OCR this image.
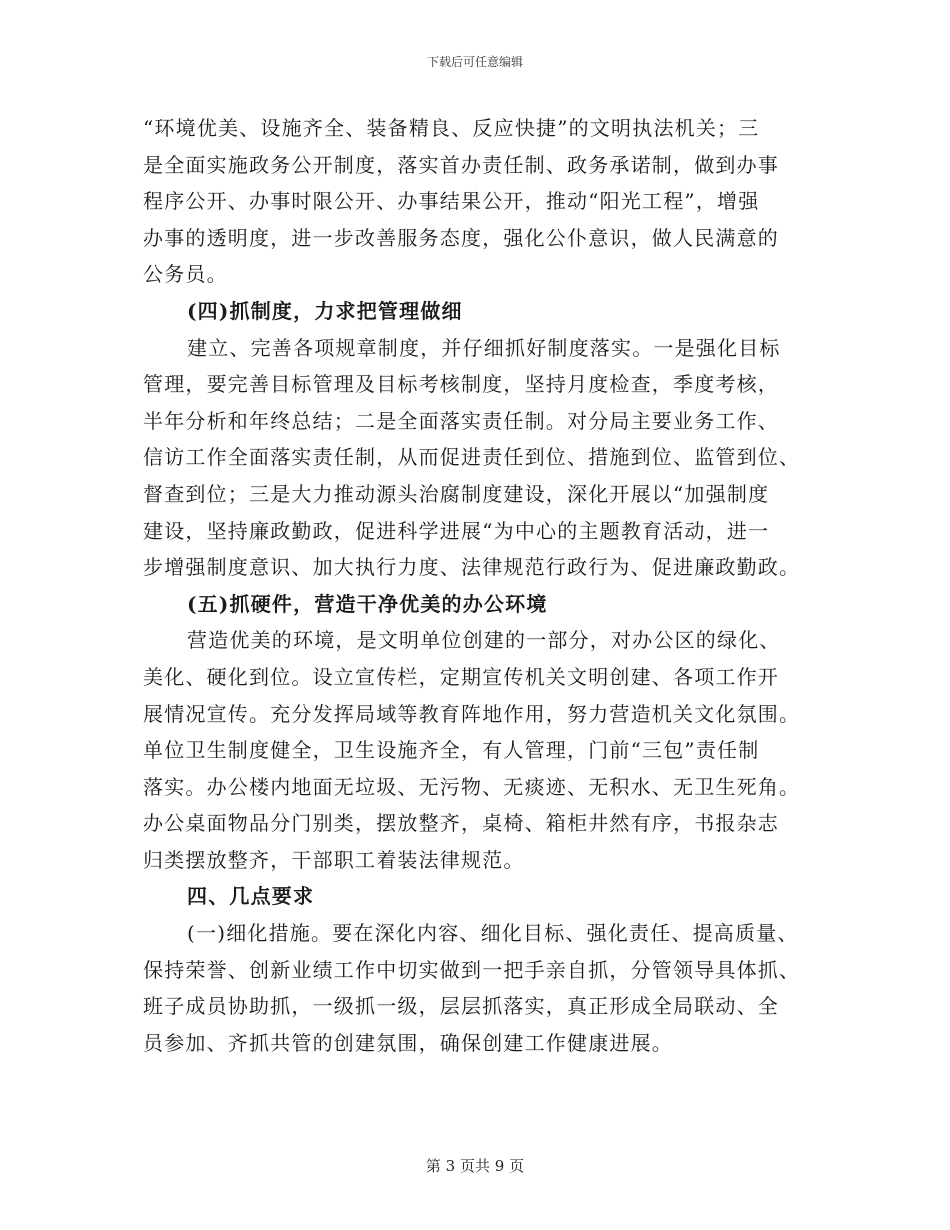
下载后可任意编辑
“环境优美、设施齐全、装备精良、反应快捷”的文明执法机关；三
是全面实施政务公开制度，落实首办责任制、政务承诺制，做到办事
程序公开、办事时限公开、办事结果公开，推动“阳光工程”，增强
办事的透明度，进一步改善服务态度，强化公仆意识，做人民满意的
公务员。
(四)抓制度，力求把管理做细
建立、完善各项规章制度，并仔细抓好制度落实。一是强化目标
管理，要完善目标管理及目标考核制度，坚持月度检查，季度考核，
半年分析和年终总结；二是全面落实责任制。对分局主要业务工作、
信访工作全面落实责任制，从而促进责任到位、措施到位、监管到位、
督查到位；三是大力推动源头治腐制度建设，深化开展以“加强制度
建设，坚持廉政勤政，促进科学进展“为中心的主题教育活动，进一
步增强制度意识、加大执行力度、法律规范行政行为、促进廉政勤政。
(五)抓硬件，营造干净优美的办公环境
营造优美的环境，是文明单位创建的一部分，对办公区的绿化、
美化、硬化到位。设立宣传栏，定期宣传机关文明创建、各项工作开
展情况宣传。充分发挥局域等教育阵地作用，努力营造机关文化氛围。
单位卫生制度健全，卫生设施齐全，有人管理，门前“三包”责任制
落实。办公楼内地面无垃圾、无污物、无痰迹、无积水、无卫生死角。
办公桌面物品分门别类，摆放整齐，桌椅、箱柜井然有序，书报杂志
归类摆放整齐，干部职工着装法律规范。
四、几点要求
(一)细化措施。要在深化内容、细化目标、强化责任、提高质量、
保持荣誉、创新业绩工作中切实做到一把手亲自抓，分管领导具体抓、
班子成员协助抓，一级抓一级，层层抓落实，真正形成全局联动、全
员参加、齐抓共管的创建氛围，确保创建工作健康进展。
第 3 页共 9 页
